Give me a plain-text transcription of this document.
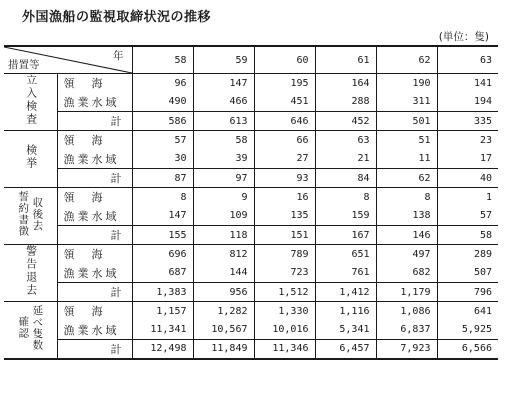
外国漁船の監視取締状況の推移
(単位：隻)
年
措置等		58	59	60	61	62	63
立入検査	領　海	96	147	195	164	190	141
	漁業水域	490	466	451	288	311	194
	計	586	613	646	452	501	335
検挙	領　海	57	58	66	63	51	23
	漁業水域	30	39	27	21	11	17
	計	87	97	93	84	62	40

収後去
誓約書徴	領　海	8	9	16	8	8	1
	漁業水域	147	109	135	159	138	57
	計	155	118	151	167	146	58
警告退去	領　海	696	812	789	651	497	289
	漁業水域	687	144	723	761	682	507
	計	1,383	956	1,512	1,412	1,179	796

延べ隻数
確認	領　海	1,157	1,282	1,330	1,116	1,086	641
	漁業水域	11,341	10,567	10,016	5,341	6,837	5,925
	計	12,498	11,849	11,346	6,457	7,923	6,566
